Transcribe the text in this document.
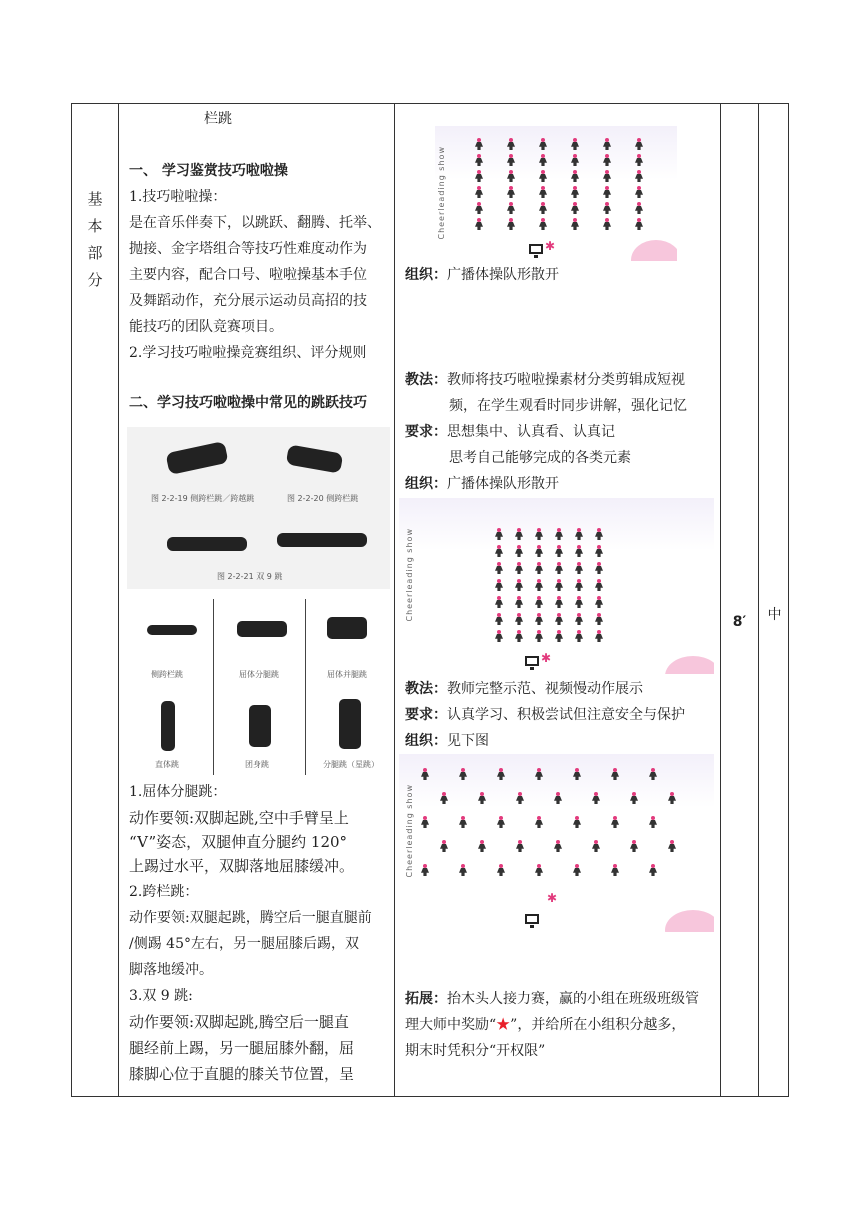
基
本
部
分

栏跳

一、 学习鉴赏技巧啦啦操

1.技巧啦啦操：

是在音乐伴奏下，以跳跃、翻腾、托举、

抛接、金字塔组合等技巧性难度动作为

主要内容，配合口号、啦啦操基本手位

及舞蹈动作，充分展示运动员高招的技

能技巧的团队竞赛项目。

2.学习技巧啦啦操竞赛组织、评分规则

二、学习技巧啦啦操中常见的跳跃技巧

图 2-2-19 侧跨栏跳／跨越跳	图 2-2-20 侧跨栏跳
图 2-2-21 双 9 跳
侧跨栏跳	屈体分腿跳	屈体并腿跳
直体跳	团身跳	分腿跳（星跳）

1.屈体分腿跳：

动作要领:双脚起跳,空中手臂呈上

“V”姿态，双腿伸直分腿约 120°

上踢过水平，双脚落地屈膝缓冲。

2.跨栏跳：

动作要领:双腿起跳，腾空后一腿直腿前

/侧踢 45°左右，另一腿屈膝后踢，双

脚落地缓冲。

3.双 9 跳:

动作要领:双脚起跳,腾空后一腿直

腿经前上踢，另一腿屈膝外翻，屈

膝脚心位于直腿的膝关节位置，呈

Cheerleading show
✱

组织：广播体操队形散开

教法：教师将技巧啦啦操素材分类剪辑成短视

频，在学生观看时同步讲解，强化记忆

要求：思想集中、认真看、认真记

思考自己能够完成的各类元素

组织：广播体操队形散开

Cheerleading show
✱

教法：教师完整示范、视频慢动作展示

要求：认真学习、积极尝试但注意安全与保护

组织：见下图

Cheerleading show
✱

拓展：抬木头人接力赛，赢的小组在班级班级管

理大师中奖励“★”，并给所在小组积分越多，

期末时凭积分“开权限”

8′	中
